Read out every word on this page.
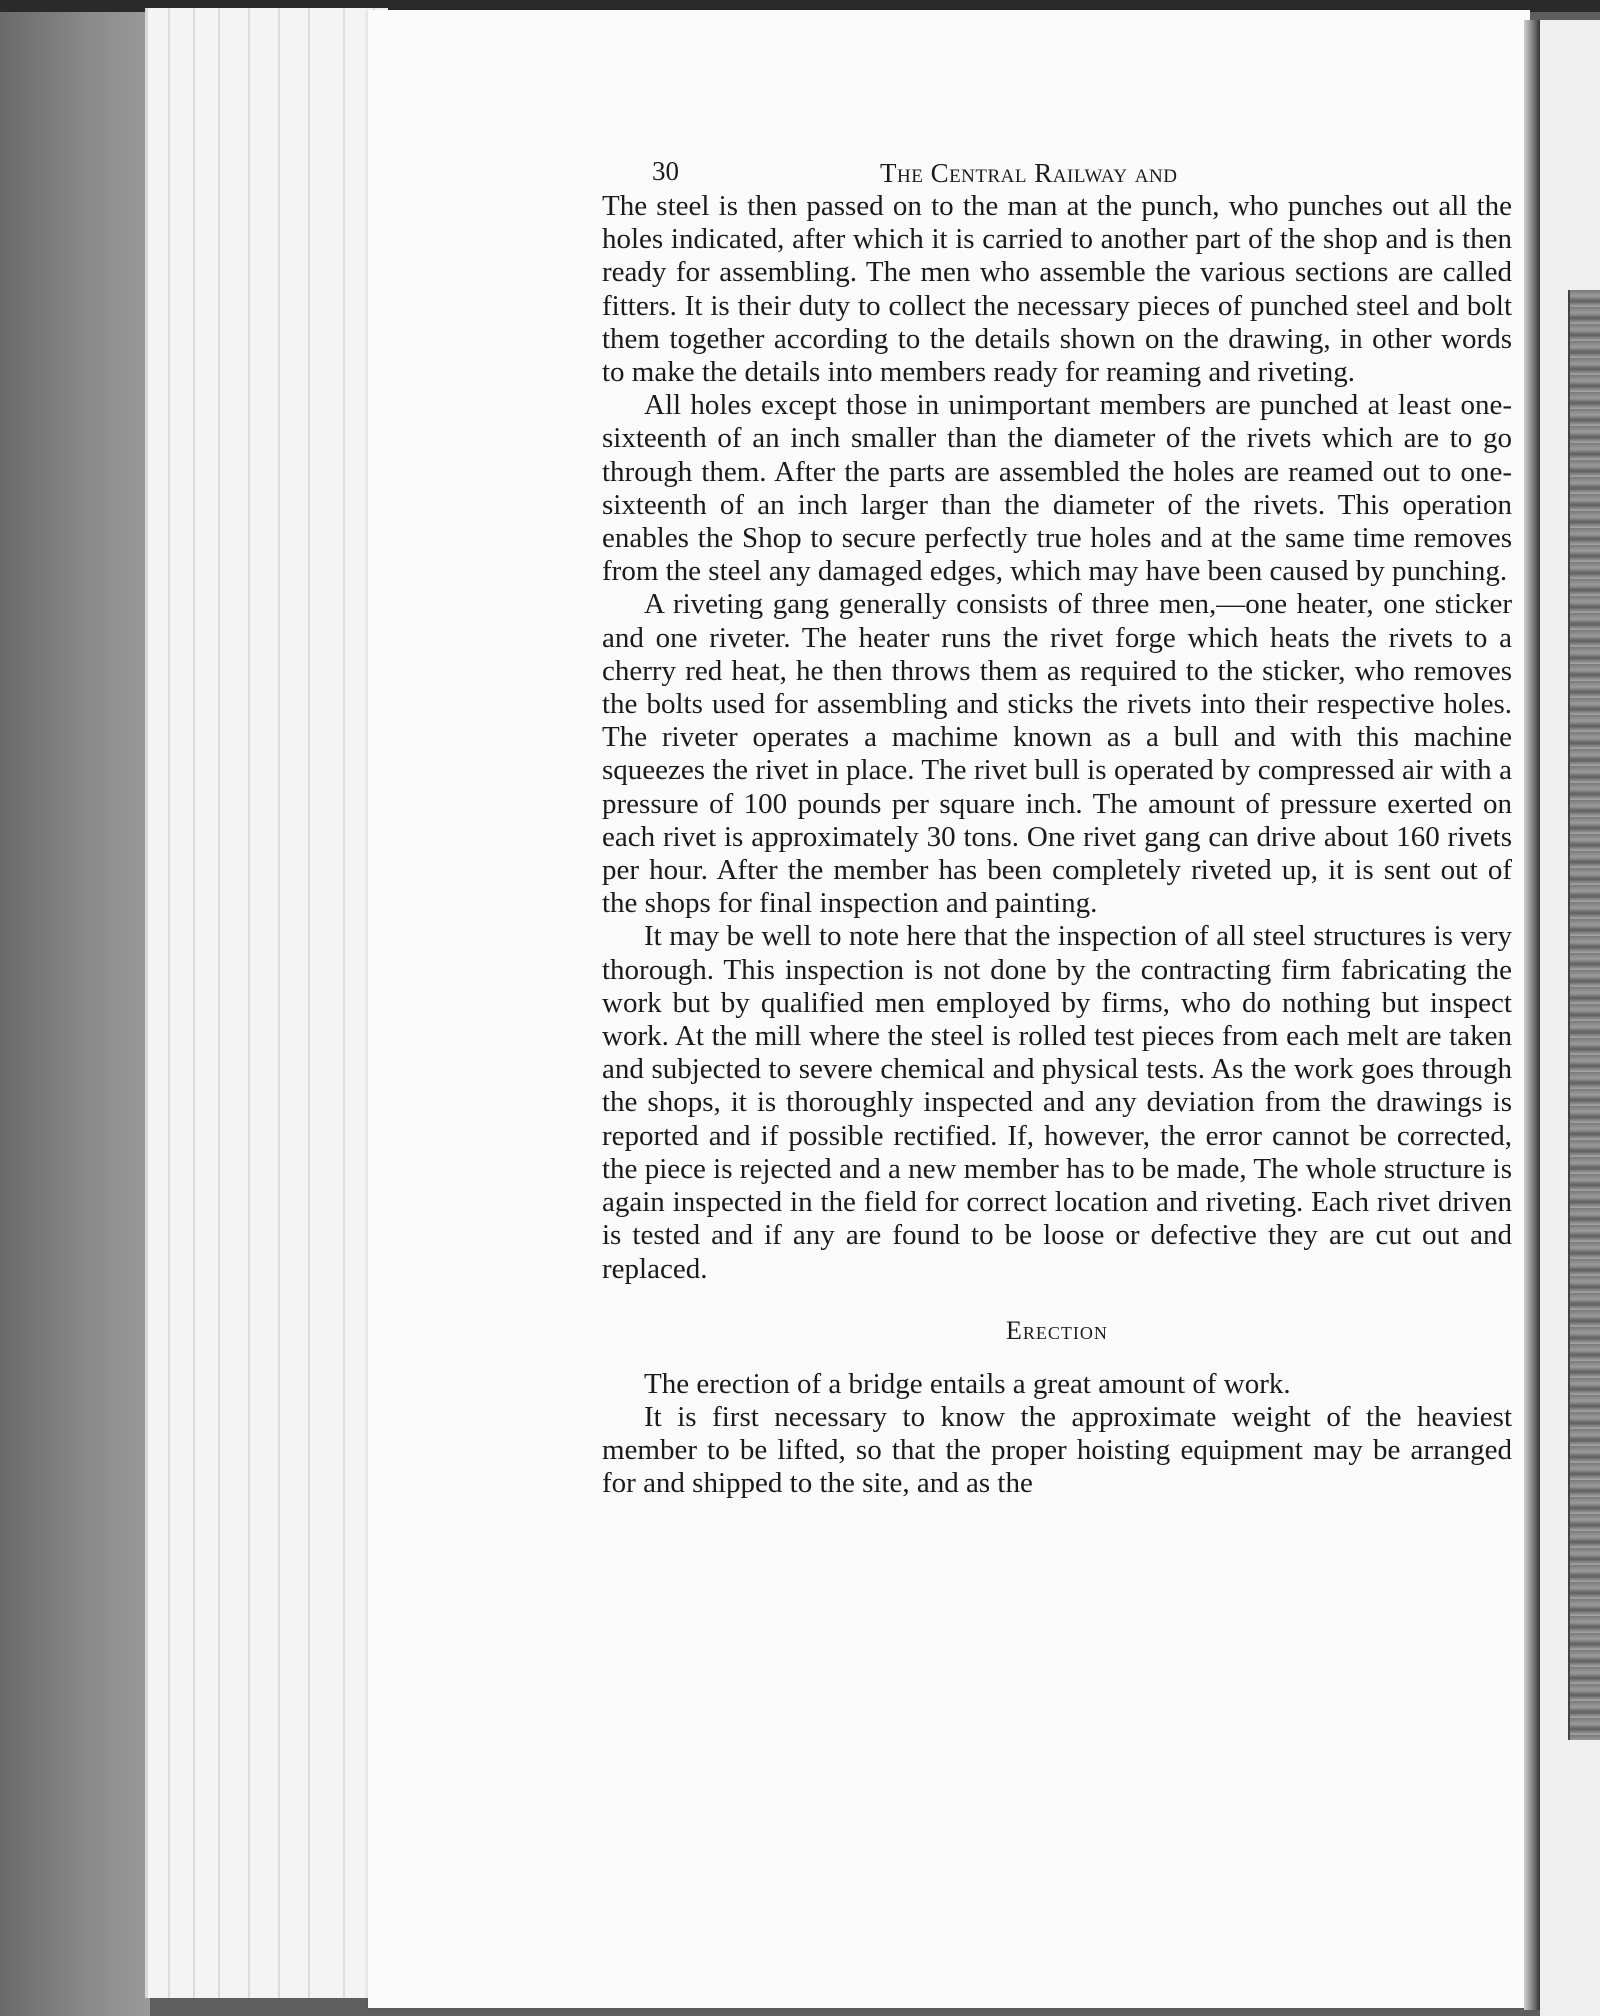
30	The Central Railway and

The steel is then passed on to the man at the punch, who punches out all the holes indicated, after which it is carried to another part of the shop and is then ready for assembling. The men who assemble the various sections are called fitters. It is their duty to collect the necessary pieces of punched steel and bolt them together according to the details shown on the drawing, in other words to make the details into members ready for reaming and riveting.

All holes except those in unimportant members are punched at least one-sixteenth of an inch smaller than the diameter of the rivets which are to go through them. After the parts are assembled the holes are reamed out to one-sixteenth of an inch larger than the diameter of the rivets. This operation enables the Shop to secure perfectly true holes and at the same time removes from the steel any damaged edges, which may have been caused by punching.

A riveting gang generally consists of three men,—one heater, one sticker and one riveter. The heater runs the rivet forge which heats the rivets to a cherry red heat, he then throws them as required to the sticker, who removes the bolts used for assembling and sticks the rivets into their respective holes. The riveter operates a machime known as a bull and with this machine squeezes the rivet in place. The rivet bull is operated by compressed air with a pressure of 100 pounds per square inch. The amount of pressure exerted on each rivet is approximately 30 tons. One rivet gang can drive about 160 rivets per hour. After the member has been completely riveted up, it is sent out of the shops for final inspection and painting.

It may be well to note here that the inspection of all steel structures is very thorough. This inspection is not done by the contracting firm fabricating the work but by qualified men employed by firms, who do nothing but inspect work. At the mill where the steel is rolled test pieces from each melt are taken and subjected to severe chemical and physical tests. As the work goes through the shops, it is thoroughly inspected and any deviation from the drawings is reported and if possible rectified. If, however, the error cannot be corrected, the piece is rejected and a new member has to be made, The whole structure is again inspected in the field for correct location and riveting. Each rivet driven is tested and if any are found to be loose or defective they are cut out and replaced.

Erection

The erection of a bridge entails a great amount of work.

It is first necessary to know the approximate weight of the heaviest member to be lifted, so that the proper hoisting equipment may be arranged for and shipped to the site, and as the
